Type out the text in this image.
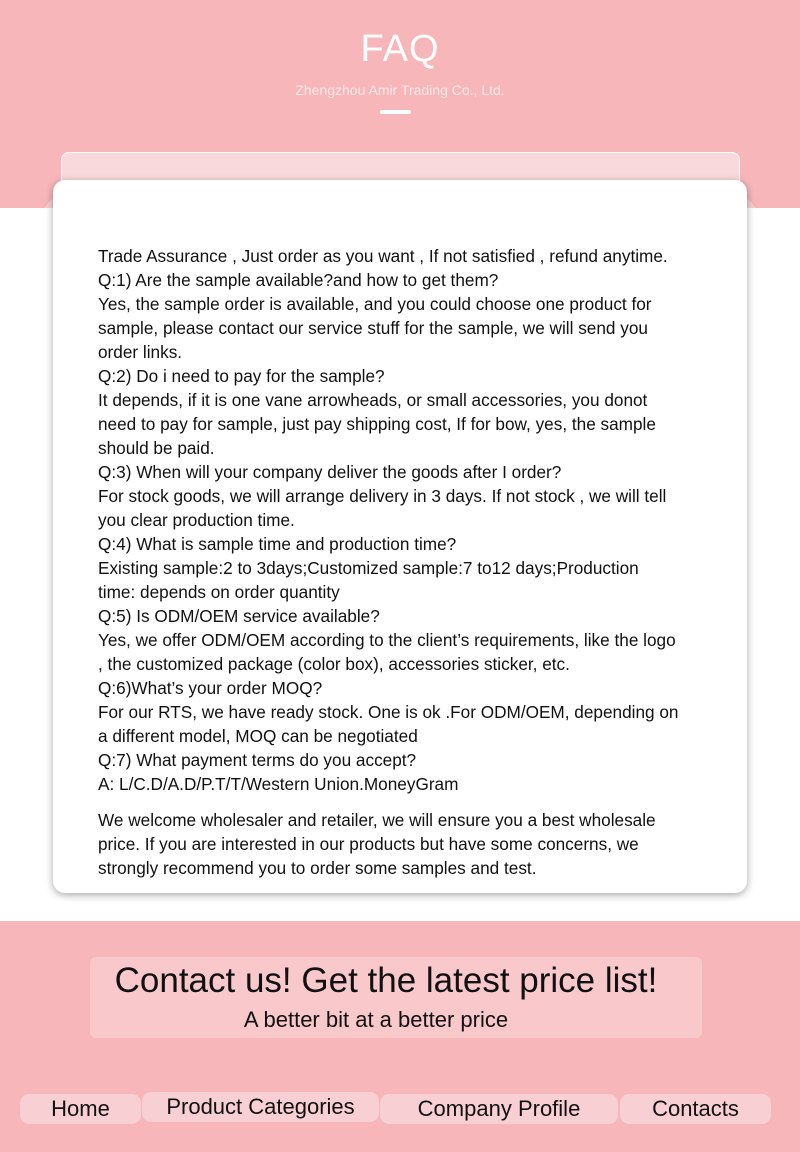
FAQ
Zhengzhou Amir Trading Co., Ltd.
Trade Assurance , Just order as you want , If not satisfied , refund anytime.
Q:1) Are the sample available?and how to get them?
Yes, the sample order is available, and you could choose one product for
sample, please contact our service stuff for the sample, we will send you
order links.
Q:2) Do i need to pay for the sample?
It depends, if it is one vane arrowheads, or small accessories, you donot
need to pay for sample, just pay shipping cost, If for bow, yes, the sample
should be paid.
Q:3) When will your company deliver the goods after I order?
For stock goods, we will arrange delivery in 3 days. If not stock , we will tell
you clear production time.
Q:4) What is sample time and production time?
Existing sample:2 to 3days;Customized sample:7 to12 days;Production
time: depends on order quantity
Q:5) Is ODM/OEM service available?
Yes, we offer ODM/OEM according to the client’s requirements, like the logo
, the customized package (color box), accessories sticker, etc.
Q:6)What’s your order MOQ?
For our RTS, we have ready stock. One is ok .For ODM/OEM, depending on
a different model, MOQ can be negotiated
Q:7) What payment terms do you accept?
A: L/C.D/A.D/P.T/T/Western Union.MoneyGram
We welcome wholesaler and retailer, we will ensure you a best wholesale
price. If you are interested in our products but have some concerns, we
strongly recommend you to order some samples and test.
Contact us! Get the latest price list!
A better bit at a better price
Home	Product Categories	Company Profile	Contacts
